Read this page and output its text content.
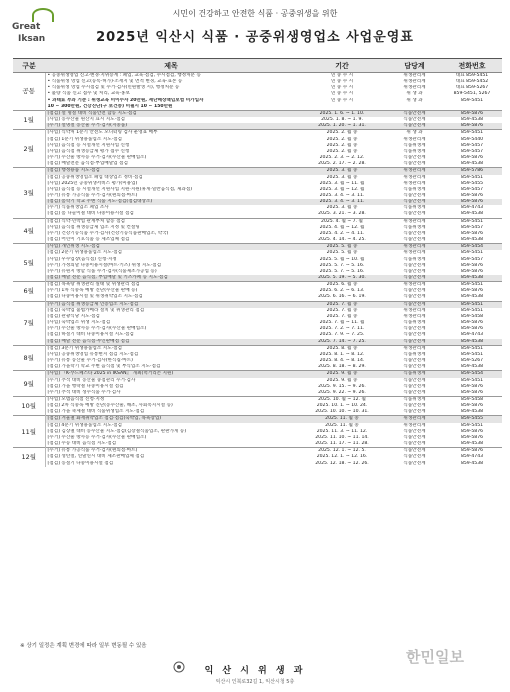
Great
Iksan
시민이 건강하고 안전한 식품 · 공중위생을 위한
2025년 익산시 식품 · 공중위생영업소 사업운영표
구분	제목	기간	담당계	전화번호
공통	• 공중위생영업 신고·변경·지위승계 : 폐업, 교육·점검, 수시점검, 행정처분 등	연 중 수 시	위생관리계	대표 859-5451
	• 식품위생 영업 신고(등록·허가)·소재지 및 면적 변경, 교육·표본 등	연 중 수 시	위생관리계	대표 859-5452
	• 식품위생 영업 수시점검 및 수거·검사(민원발생 시), 행정처분 등	연 중 수 시	위생관리계	대표 859-5267
	• 불량 식품 신고 접수 및 처리, 교육·홍보	연 중 수 시	위 생 과	859-5451, 5267
	• 과태료 부과 기준 : 위생교육 미이수자 20만원, 재난배상책임보험 미가입자	연 중 수 시	위 생 과	859-5451
	10 ~ 300만원, 건강진단(구 보건증) 미필시 10 ~ 150만원			
1월	[점검] 설 명절 대비 식품안전 합동 지도·점검	2025. 1. 6. ~ 1. 10.	식품안전계	859-5876
	[사업] 농수산물 원산지 표시 지도·점검	2025. 1. 8. ~ 1. 9.	식품안전계	859-4538
	[수거] 설명절 농산물 수거·검사(지중품)	2025. 1. 20. ~ 1. 31.	식품안전계	859-5876
2월	[사업] 식약처 1분기 안전도 모니터링 검사 운영표 배부	2025. 2. 월 중	위 생 과	859-5451
	[점검] 1분기 위생용품업소 지도·점검	2025. 2. 월 중	위생관리계	859-5440
	[사업] 음식점 등 시설개선 지원사업 신청	2025. 2. 월 중	식품위생계	859-5457
	[사업] 음식점 위생등급제 평가 접수 신청	2025. 2. 월 중	식품위생계	859-5457
	[수거] 수산물 방사능 수거·검사(수산물 판매업소)	2025. 2. 3. ~ 2. 12.	식품안전계	859-5876
	[점검] 배달전문 음식점·부업배달업 점검	2025. 2. 17. ~ 2. 28.	식품안전계	859-4538
3월	[점검] 행정용품 지도·점검	2025. 3. 월 중	위생관리계	859-5786
	[점검] 공중위생영업소 폐업 대상업소 정비·점검	2025. 3. 월 중	위생관리계	859-5451
	[사업] 2025년 공중위생서비스 평가(미용업)	2025. 3. 월 ~ 11. 월	위생관리계	859-5455
	[사업] 음식점 등 시설개선 지원사업 지원·지원(휴게·일반음식점, 제과점)	2025. 3. 월 ~ 12. 월	식품위생계	859-5457
	[수거] 유통 가공식품 수거·검사(편의점·마트)	2025. 3. 4. ~ 3. 11.	식품안전계	859-5876
	[점검] 봄학기 학교 주변 식품 지도·점검(점검대상소)	2025. 3. 4. ~ 3. 11.	식품안전계	859-5876
	[수거] 식품위생업소 폐업 조사	2025. 3. 월 중	식품위생계	859-4743
	[점검] 봄 나들이철 대비 다중이용시설 점검	2025. 3. 21. ~ 3. 28.	식품안전계	859-4538
4월	[점검] 식약·민박업 관계부처 합동 점검	2025. 4. 월 ~ 7. 월	위생관리계	859-5451
	[사업] 음식점 위생등급제 업소 지정 및 컨설팅	2025. 4. 월 ~ 12. 월	식품위생계	859-5457
	[수거] 건강기능식품 수거·검사(건강기능식품판매업소, 약국)	2025. 4. 2. ~ 4. 11.	식품안전계	859-5876
	[점검] 어린이 기호식품 등 제조업체 점검	2025. 4. 14. ~ 4. 25.	식품안전계	859-4538
5월	[사업] 개인위생 지도·점검	2025. 5. 월 중	위생관리계	859-5454
	[점검] 2분기 위생용품업소 지도·점검	2025. 5. 월 중	위생관리계	859-5451
	[사업] 우수업장(음식점) 신청·지정	2025. 5. 월 ~ 10. 월	식품위생계	859-5457
	[수거] 가정의달 다중이용시설(마트·키즈) 위생 지도·점검	2025. 5. 7. ~ 5. 16.	식품안전계	859-5876
	[수거] 유원지 방할 식품 수거·검사(식품제조가공업 등)	2025. 5. 7. ~ 5. 16.	식품안전계	859-5876
	[점검] 배달 전문 음식점, 부업배달 및 키즈카페 등 지도·점검	2025. 5. 19. ~ 5. 30.	식품안전계	859-4538
6월	[점검] 목욕탕 위생관리 실태 및 위생관리 점검	2025. 6. 월 중	위생관리계	859-5451
	[수거] 1차 식중독 예방 진단(수산물 판매 등)	2025. 6. 2. ~ 6. 13.	식품안전계	859-5876
	[점검] 다중이용시설 및 위생취약업소 지도·점검	2025. 6. 16. ~ 6. 19.	식품안전계	859-4538
7월	[수거] 음식점 위생등급제 인증업소 지도·점검	2025. 7. 월 중	식품안전계	859-5451
	[점검] 숙박업 불법카메라 설치 및 위생관리 점검	2025. 7. 월 중	위생관리계	859-5451
	[점검] 관광식당 지도·점검	2025. 7. 월 중	위생관리계	859-5458
	[사업] 숙박업소 위생 지도·점검	2025. 7. 월 ~ 11. 월	식품위생계	859-5876
	[수거] 수산물 방사능 수거·검사(수산물 판매업소)	2025. 7. 2. ~ 7. 11.	식품안전계	859-5876
	[점검] 하절기 대비 다중이용시설 지도·점검	2025. 7. 9. ~ 7. 25.	식품안전계	859-4743
	[점검] 배달 전문 음식점·무인판매점 점검	2025. 7. 14. ~ 7. 25.	식품안전계	859-4538
8월	[점검] 3분기 위생용품업소 지도·점검	2025. 8. 월 중	위생관리계	859-5451
	[사업] 공중위생영업 유통현지 점검 지도·점검	2025. 8. 1. ~ 8. 12.	식품위생계	859-5451
	[수거] 유통 농산물 수거·검사(한식집·마트)	2025. 8. 4. ~ 8. 14.	식품안전계	859-5267
	[점검] 가을학기 학교 주변 음식점 및 부식업소 지도·점검	2025. 8. 18. ~ 8. 29.	식품안전계	859-4538
9월	[사업] 『K-푸드페스타 2025 in IKSAN』 개최(먹거리존 지원)	2025. 9. 월 중	식품위생계	859-5454
	[수거] 추석 대비 농산물 중점관리 수거·검사	2025. 9. 월 중	식품안전계	859-5451
	[점검] 가을 행락철 다중이용시설 점검	2025. 9. 15. ~ 9. 26.	식품안전계	859-5876
	[수거] 추석 대비 성수식품 수거·검사	2025. 9. 22. ~ 9. 26.	식품안전계	859-5876
10월	[사업] 모범음식점 신청·지정	2025. 10. 월 ~ 12. 월	식품위생계	859-5458
	[점검] 2차 식중독 예방 진단(농수산물, 해조, 사회복지시설 등)	2025. 10. 1. ~ 10. 24.	식품안전계	859-5876
	[점검] 가을 축제철 대비 식품위생업소 지도·점검	2025. 10. 10. ~ 10. 31.	식품안전계	859-4538
11월	[점검] 겨울철 화재취약업소 점검·점검(숙박업, 목욕장업)	2025. 11. 월 중	위생관리계	859-5455
	[점검] 4분기 위생용품업소 지도·점검	2025. 11. 월 중	위생관리계	859-5451
	[점검] 김장철 대비 농수산물 지도·점검(김장철식품업소, 판판가게 등)	2025. 11. 3. ~ 11. 12.	식품안전계	859-5876
	[수거] 수산물 방사능 수거·검사(수산물 판매업소)	2025. 11. 10. ~ 11. 14.	식품안전계	859-5876
	[점검] 수능 대비 음식점 지도·점검	2025. 11. 17. ~ 11. 28.	식품안전계	859-4538
12월	[수거] 유통 가공식품 수거·검사(편의점·마트)	2025. 12. 1. ~ 12. 5.	식품안전계	859-5876
	[점검] 성탄절, 연말연시 대비 제조판매업체 점검	2025. 12. 1. ~ 12. 16.	식품안전계	859-4743
	[점검] 동절기 다중이용시설 점검	2025. 12. 18. ~ 12. 26.	식품안전계	859-4538
※ 상기 일정은 계획 변경에 따라 일부 변동될 수 있음
익 산 시 위 생 과
익산시 인북로32길 1, 익산시청 5층
한민일보
